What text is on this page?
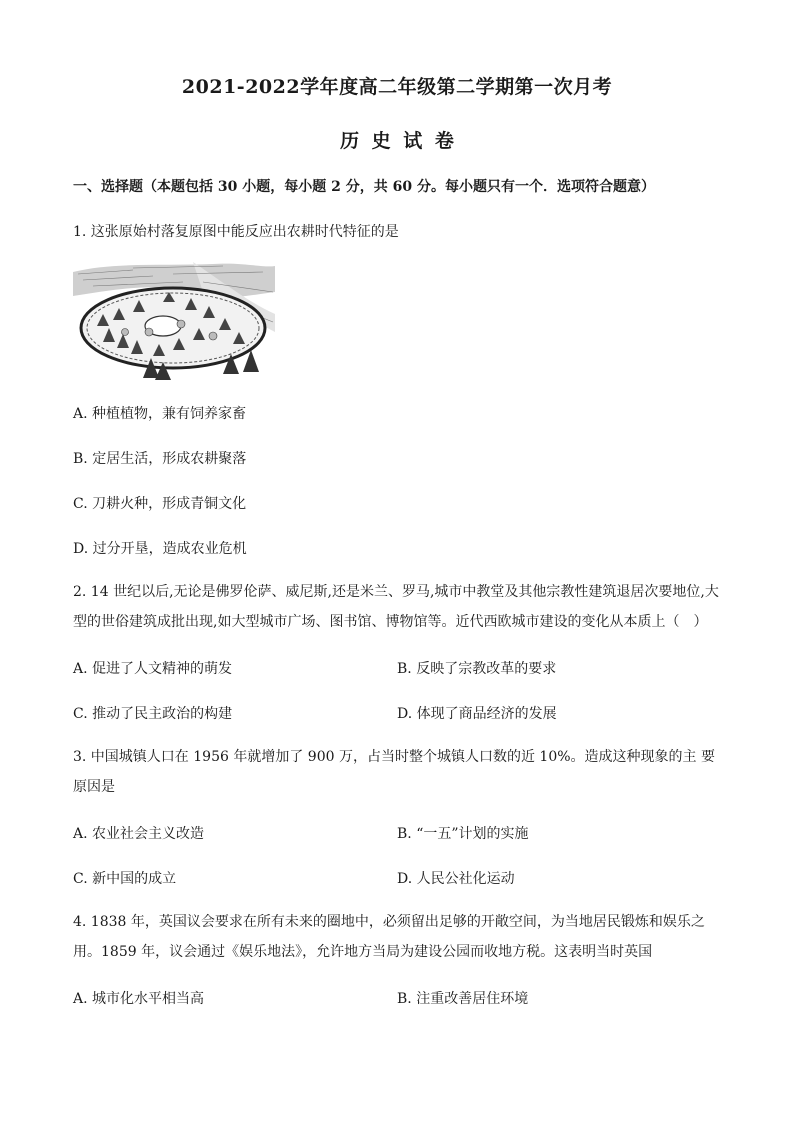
2021-2022学年度高二年级第二学期第一次月考
历 史 试 卷
一、选择题（本题包括 30 小题，每小题 2 分，共 60 分。每小题只有一个．选项符合题意）
1. 这张原始村落复原图中能反应出农耕时代特征的是
A. 种植植物，兼有饲养家畜
B. 定居生活，形成农耕聚落
C. 刀耕火种，形成青铜文化
D. 过分开垦，造成农业危机
2. 14 世纪以后,无论是佛罗伦萨、威尼斯,还是米兰、罗马,城市中教堂及其他宗教性建筑退居次要地位,大型的世俗建筑成批出现,如大型城市广场、图书馆、博物馆等。近代西欧城市建设的变化从本质上（　）
A. 促进了人文精神的萌发	B. 反映了宗教改革的要求
C. 推动了民主政治的构建	D. 体现了商品经济的发展
3. 中国城镇人口在 1956 年就增加了 900 万，占当时整个城镇人口数的近 10%。造成这种现象的主 要原因是
A. 农业社会主义改造	B. “一五”计划的实施
C. 新中国的成立	D. 人民公社化运动
4. 1838 年，英国议会要求在所有未来的圈地中，必须留出足够的开敞空间，为当地居民锻炼和娱乐之用。1859 年，议会通过《娱乐地法》，允许地方当局为建设公园而收地方税。这表明当时英国
A. 城市化水平相当高	B. 注重改善居住环境
